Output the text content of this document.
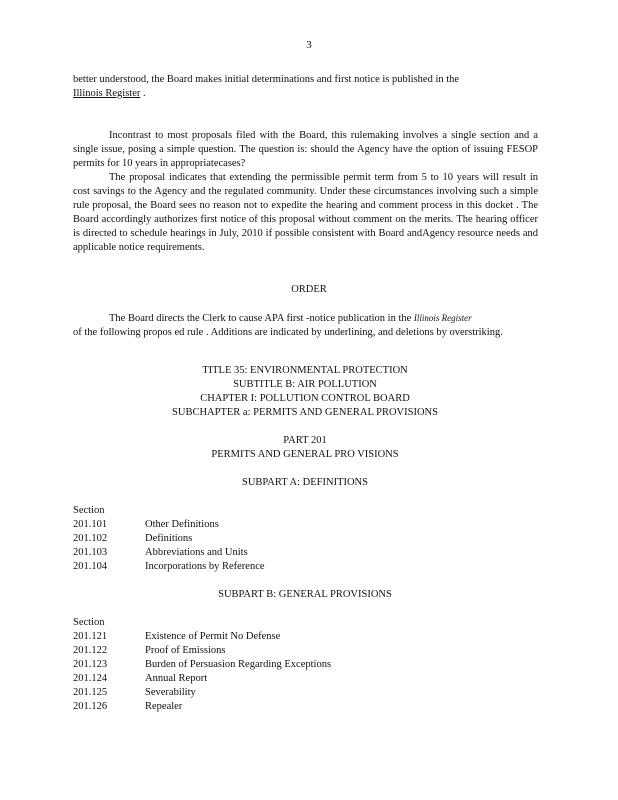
3
better understood, the Board makes initial determinations and first notice is published in the
Illinois Register .
Incontrast to most proposals filed with the Board, this rulemaking involves a single section and a single issue, posing a simple question. The question is: should the Agency have the option of issuing FESOP permits for 10 years in appropriatecases?
The proposal indicates that extending the permissible permit term from 5 to 10 years will result in cost savings to the Agency and the regulated community. Under these circumstances involving such a simple rule proposal, the Board sees no reason not to expedite the hearing and comment process in this docket . The Board accordingly authorizes first notice of this proposal without comment on the merits. The hearing officer is directed to schedule hearings in July, 2010 if possible consistent with Board andAgency resource needs and applicable notice requirements.
ORDER
The Board directs the Clerk to cause APA first -notice publication in the Illinois Register
of the following propos ed rule . Additions are indicated by underlining, and deletions by overstriking.
TITLE 35: ENVIRONMENTAL PROTECTION
SUBTITLE B: AIR POLLUTION
CHAPTER I: POLLUTION CONTROL BOARD
SUBCHAPTER a: PERMITS AND GENERAL PROVISIONS
PART 201
PERMITS AND GENERAL PRO VISIONS
SUBPART A: DEFINITIONS
Section
201.101	Other Definitions
201.102	Definitions
201.103	Abbreviations and Units
201.104	Incorporations by Reference
SUBPART B: GENERAL PROVISIONS
Section
201.121	Existence of Permit No Defense
201.122	Proof of Emissions
201.123	Burden of Persuasion Regarding Exceptions
201.124	Annual Report
201.125	Severability
201.126	Repealer
